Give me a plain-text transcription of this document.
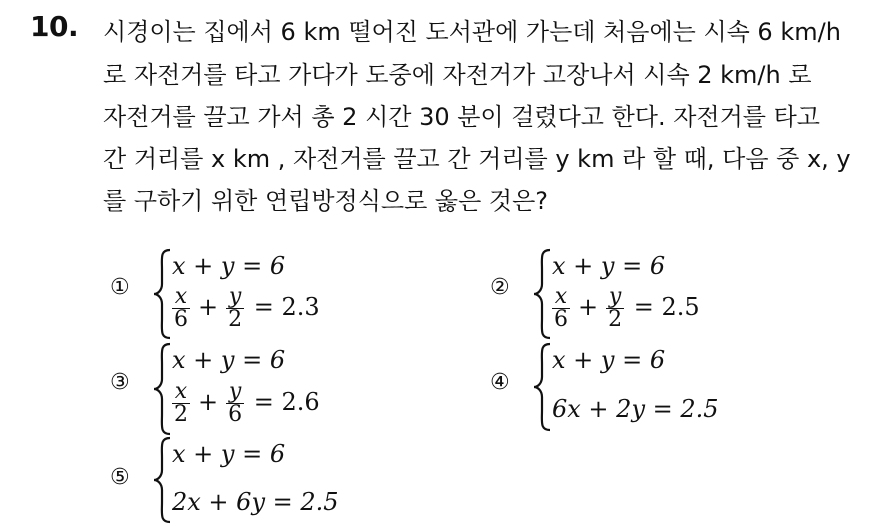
10. 시경이는 집에서 6 km 떨어진 도서관에 가는데 처음에는 시속 6 km/h
로 자전거를 타고 가다가 도중에 자전거가 고장나서 시속 2 km/h 로
자전거를 끌고 가서 총 2 시간 30 분이 걸렸다고 한다. 자전거를 타고
간 거리를 x km , 자전거를 끌고 간 거리를 y km 라 할 때, 다음 중 x, y
를 구하기 위한 연립방정식으로 옳은 것은?
①
x + y = 6
$\frac{x}{6} + \frac{y}{2} = 2.3$
②
x + y = 6
$\frac{x}{6} + \frac{y}{2} = 2.5$
③
x + y = 6
$\frac{x}{2} + \frac{y}{6} = 2.6$
④
x + y = 6
6x + 2y = 2.5
⑤
x + y = 6
2x + 6y = 2.5
